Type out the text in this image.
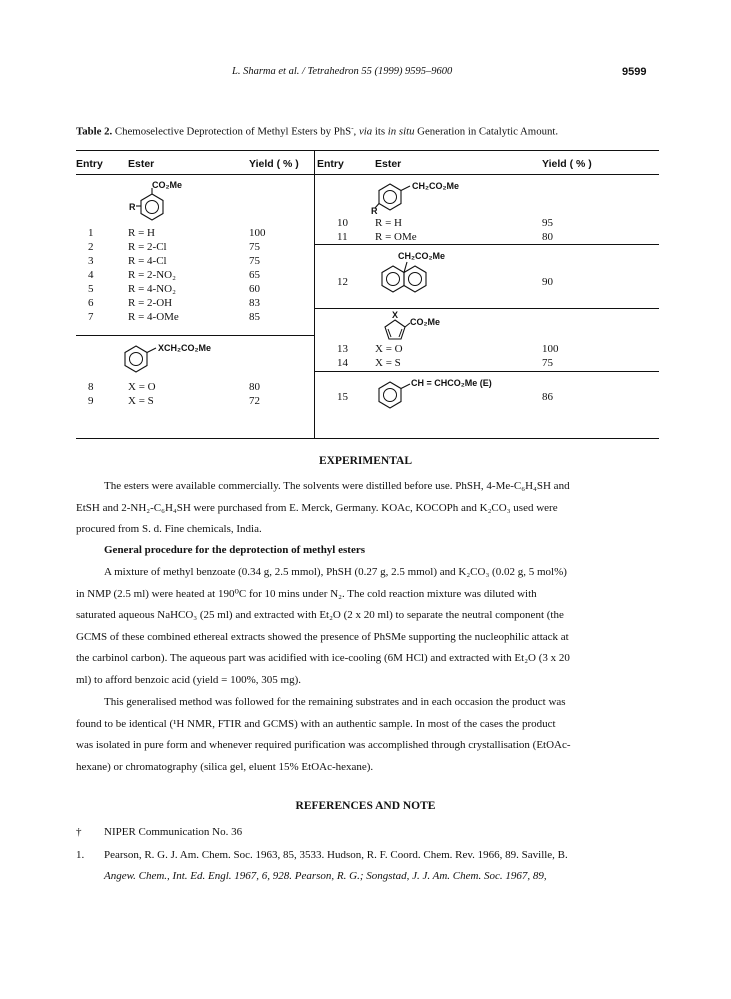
L. Sharma et al. / Tetrahedron 55 (1999) 9595–9600	9599
Table 2. Chemoselective Deprotection of Methyl Esters by PhS-, via its in situ Generation in Catalytic Amount.
Entry Ester	Yield ( % ) Entry	Ester	Yield ( % )
CO₂Me
R
1	R = H	100
2	R = 2-Cl	75
3	R = 4-Cl	75
4	R = 2-NO₂	65
5	R = 4-NO₂	60
6	R = 2-OH	83
7	R = 4-OMe	85
XCH₂CO₂Me
8	X = O	80
9	X = S	72
CH₂CO₂Me
R
10 R = H	95
11 R = OMe	80
CH₂CO₂Me
12	90
X
CO₂Me
13 X = O	100
14 X = S	75
CH = CHCO₂Me (E)
15	86
EXPERIMENTAL
The esters were available commercially. The solvents were distilled before use. PhSH, 4-Me-C₆H₄SH and
EtSH and 2-NH₂-C₆H₄SH were purchased from E. Merck, Germany. KOAc, KOCOPh and K₂CO₃ used were
procured from S. d. Fine chemicals, India.
General procedure for the deprotection of methyl esters
A mixture of methyl benzoate (0.34 g, 2.5 mmol), PhSH (0.27 g, 2.5 mmol) and K₂CO₃ (0.02 g, 5 mol%)
in NMP (2.5 ml) were heated at 190⁰C for 10 mins under N₂. The cold reaction mixture was diluted with
saturated aqueous NaHCO₃ (25 ml) and extracted with Et₂O (2 x 20 ml) to separate the neutral component (the
GCMS of these combined ethereal extracts showed the presence of PhSMe supporting the nucleophilic attack at
the carbinol carbon). The aqueous part was acidified with ice-cooling (6M HCl) and extracted with Et₂O (3 x 20
ml) to afford benzoic acid (yield = 100%, 305 mg).
This generalised method was followed for the remaining substrates and in each occasion the product was
found to be identical (¹H NMR, FTIR and GCMS) with an authentic sample. In most of the cases the product
was isolated in pure form and whenever required purification was accomplished through crystallisation (EtOAc-
hexane) or chromatography (silica gel, eluent 15% EtOAc-hexane).
REFERENCES AND NOTE
† NIPER Communication No. 36
1. Pearson, R. G. J. Am. Chem. Soc. 1963, 85, 3533. Hudson, R. F. Coord. Chem. Rev. 1966, 89. Saville, B.
Angew. Chem., Int. Ed. Engl. 1967, 6, 928. Pearson, R. G.; Songstad, J. J. Am. Chem. Soc. 1967, 89,
